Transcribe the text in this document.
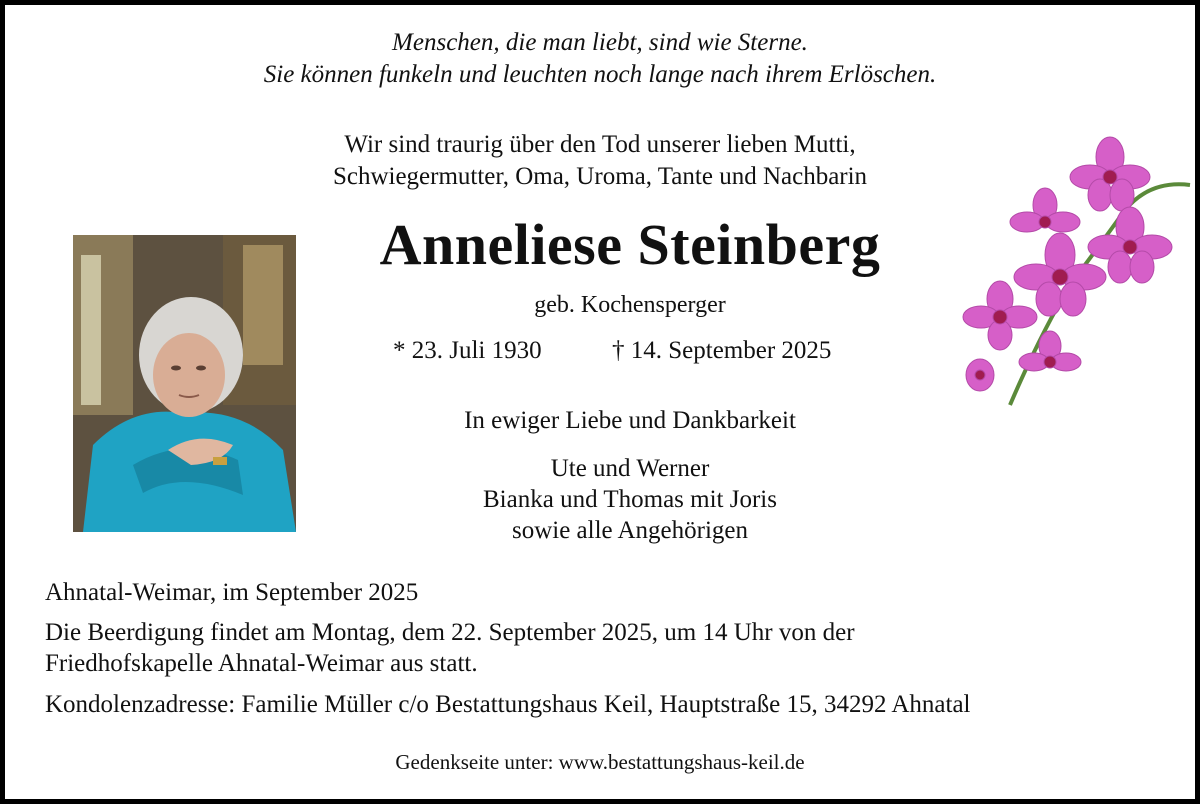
Menschen, die man liebt, sind wie Sterne.
Sie können funkeln und leuchten noch lange nach ihrem Erlöschen.
Wir sind traurig über den Tod unserer lieben Mutti,
Schwiegermutter, Oma, Uroma, Tante und Nachbarin
Anneliese Steinberg
geb. Kochensperger
* 23. Juli 1930	† 14. September 2025
In ewiger Liebe und Dankbarkeit
Ute und Werner
Bianka und Thomas mit Joris
sowie alle Angehörigen
Ahnatal-Weimar, im September 2025
Die Beerdigung findet am Montag, dem 22. September 2025, um 14 Uhr von der
Friedhofskapelle Ahnatal-Weimar aus statt.
Kondolenzadresse: Familie Müller c/o Bestattungshaus Keil, Hauptstraße 15, 34292 Ahnatal
Gedenkseite unter: www.bestattungshaus-keil.de
